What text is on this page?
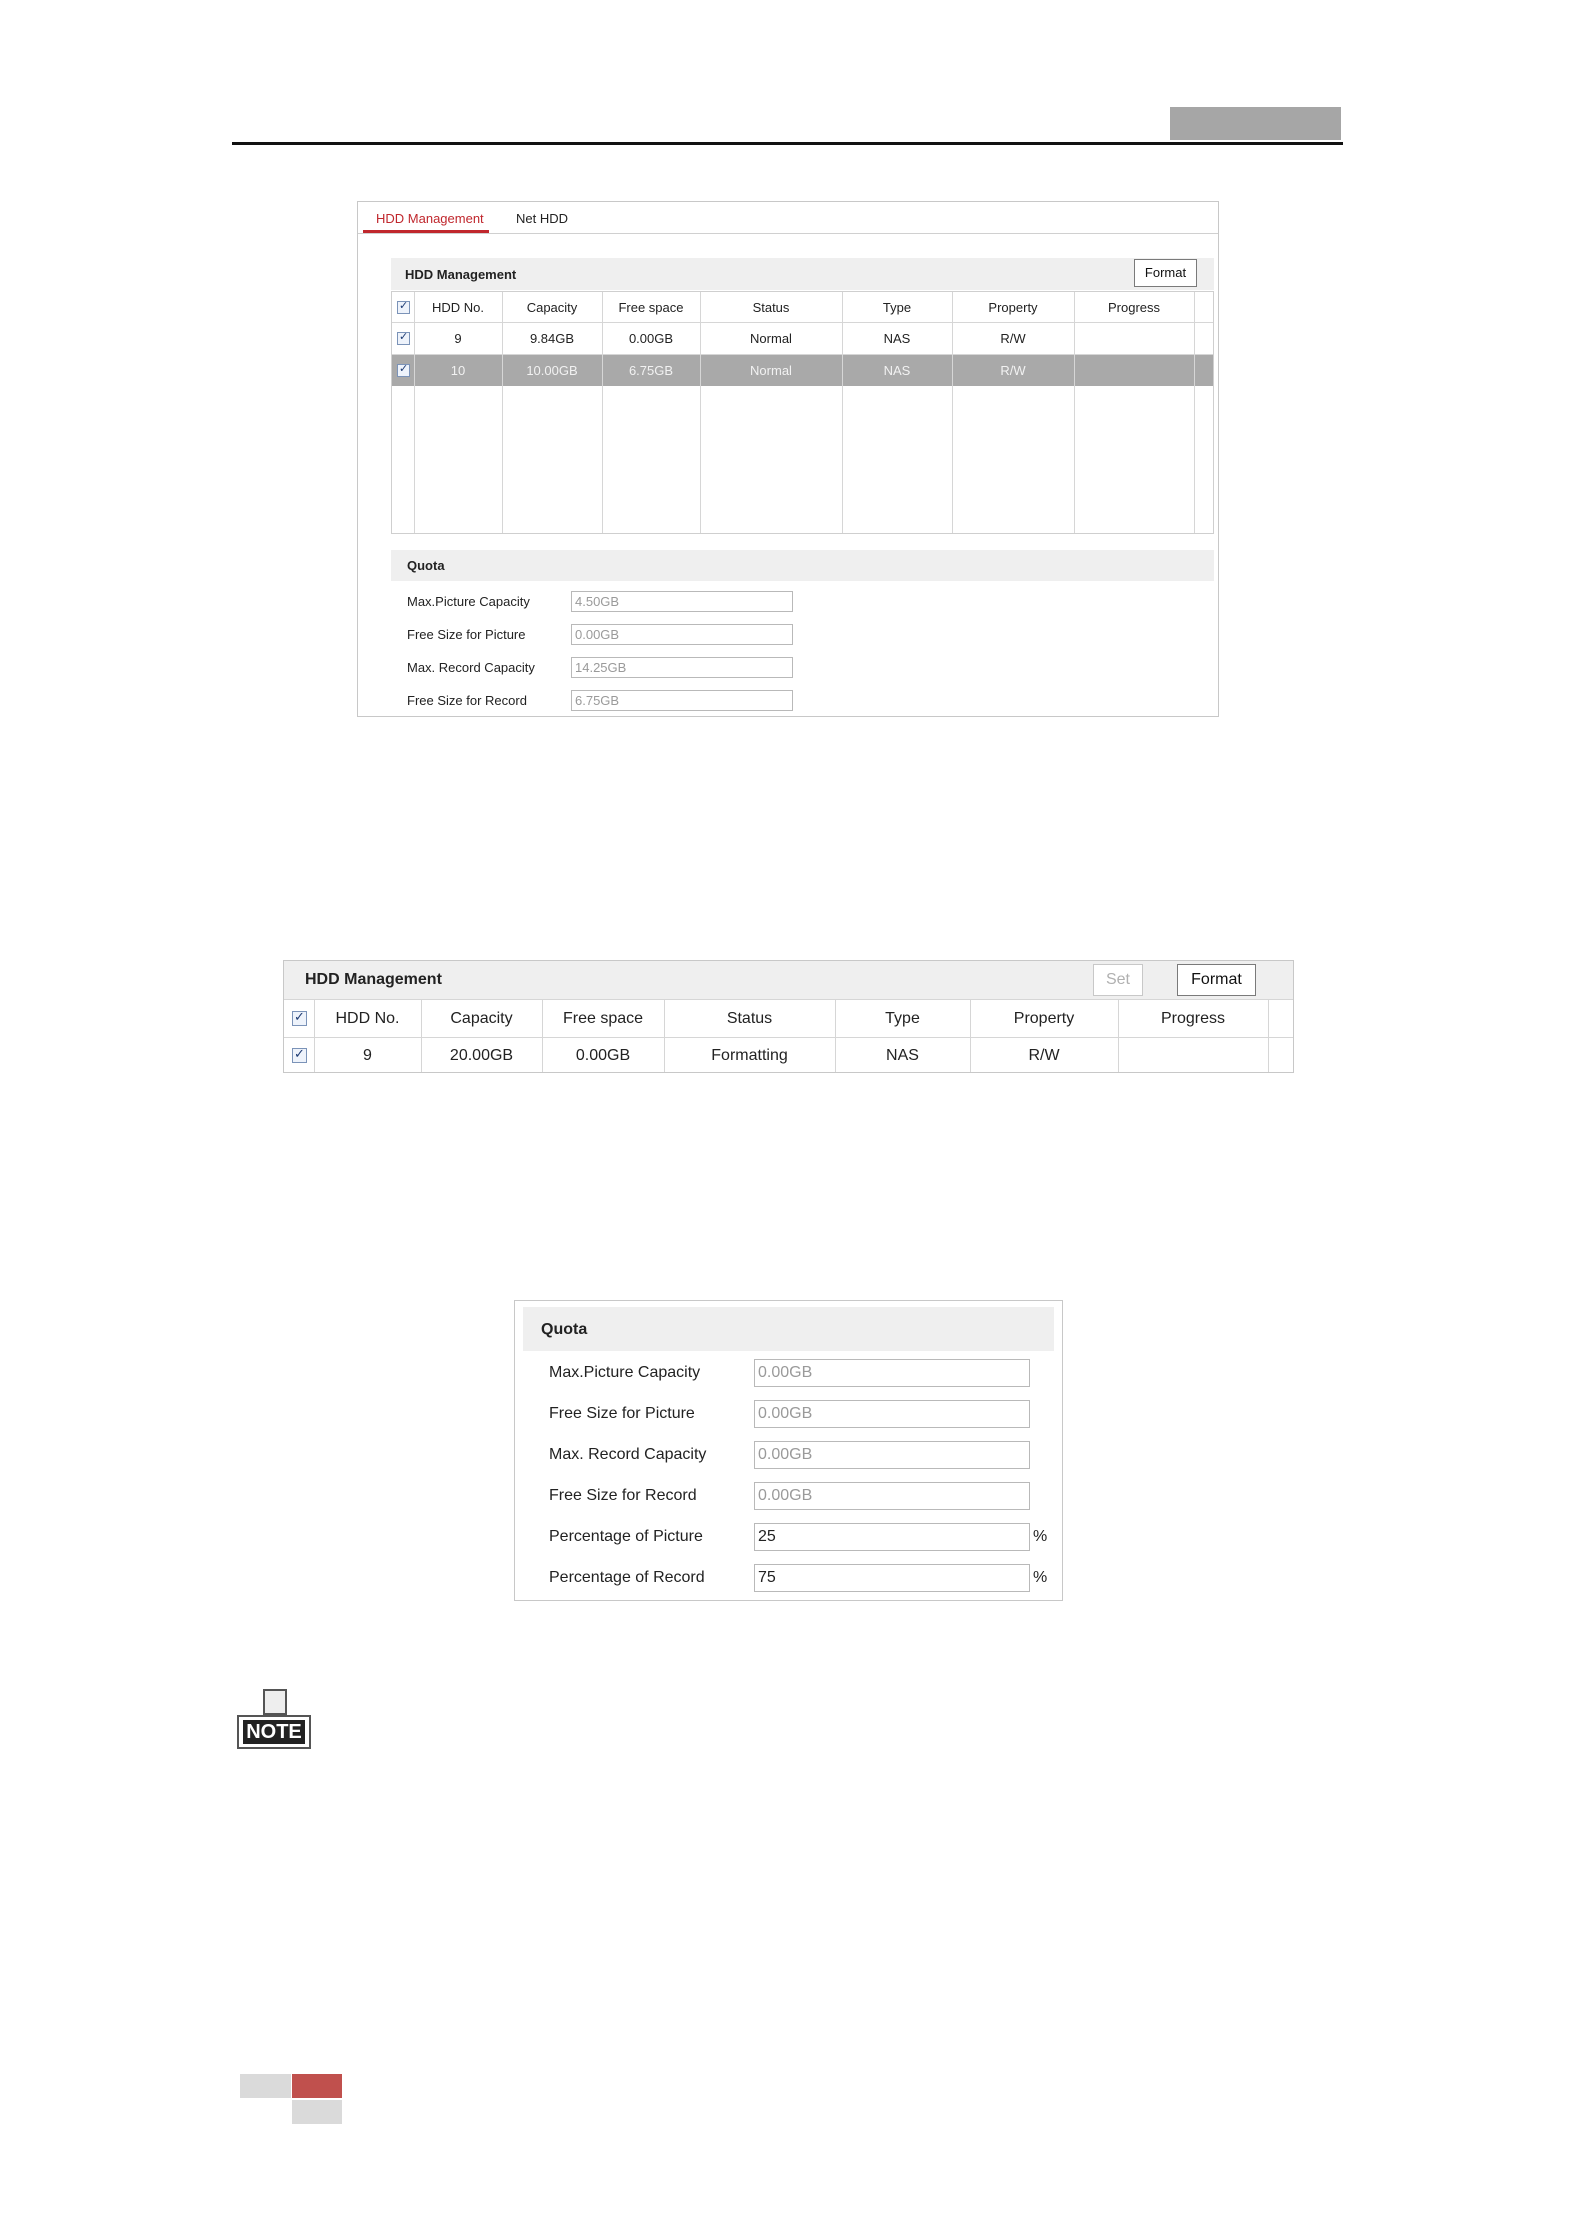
HDD Management Net HDD
HDD Management	Format
✓
HDD No.	Capacity	Free space	Status	Type	Property	Progress
✓
9	9.84GB	0.00GB	Normal	NAS	R/W
✓
10	10.00GB	6.75GB	Normal	NAS	R/W
Quota
Max.Picture Capacity	4.50GB
Free Size for Picture	0.00GB
Max. Record Capacity	14.25GB
Free Size for Record	6.75GB
HDD Management	Set	Format
✓
HDD No.	Capacity	Free space	Status	Type	Property	Progress
✓
9	20.00GB	0.00GB	Formatting	NAS	R/W
Quota
Max.Picture Capacity	0.00GB
Free Size for Picture	0.00GB
Max. Record Capacity	0.00GB
Free Size for Record	0.00GB
Percentage of Picture	25	%
Percentage of Record	75	%
NOTE
